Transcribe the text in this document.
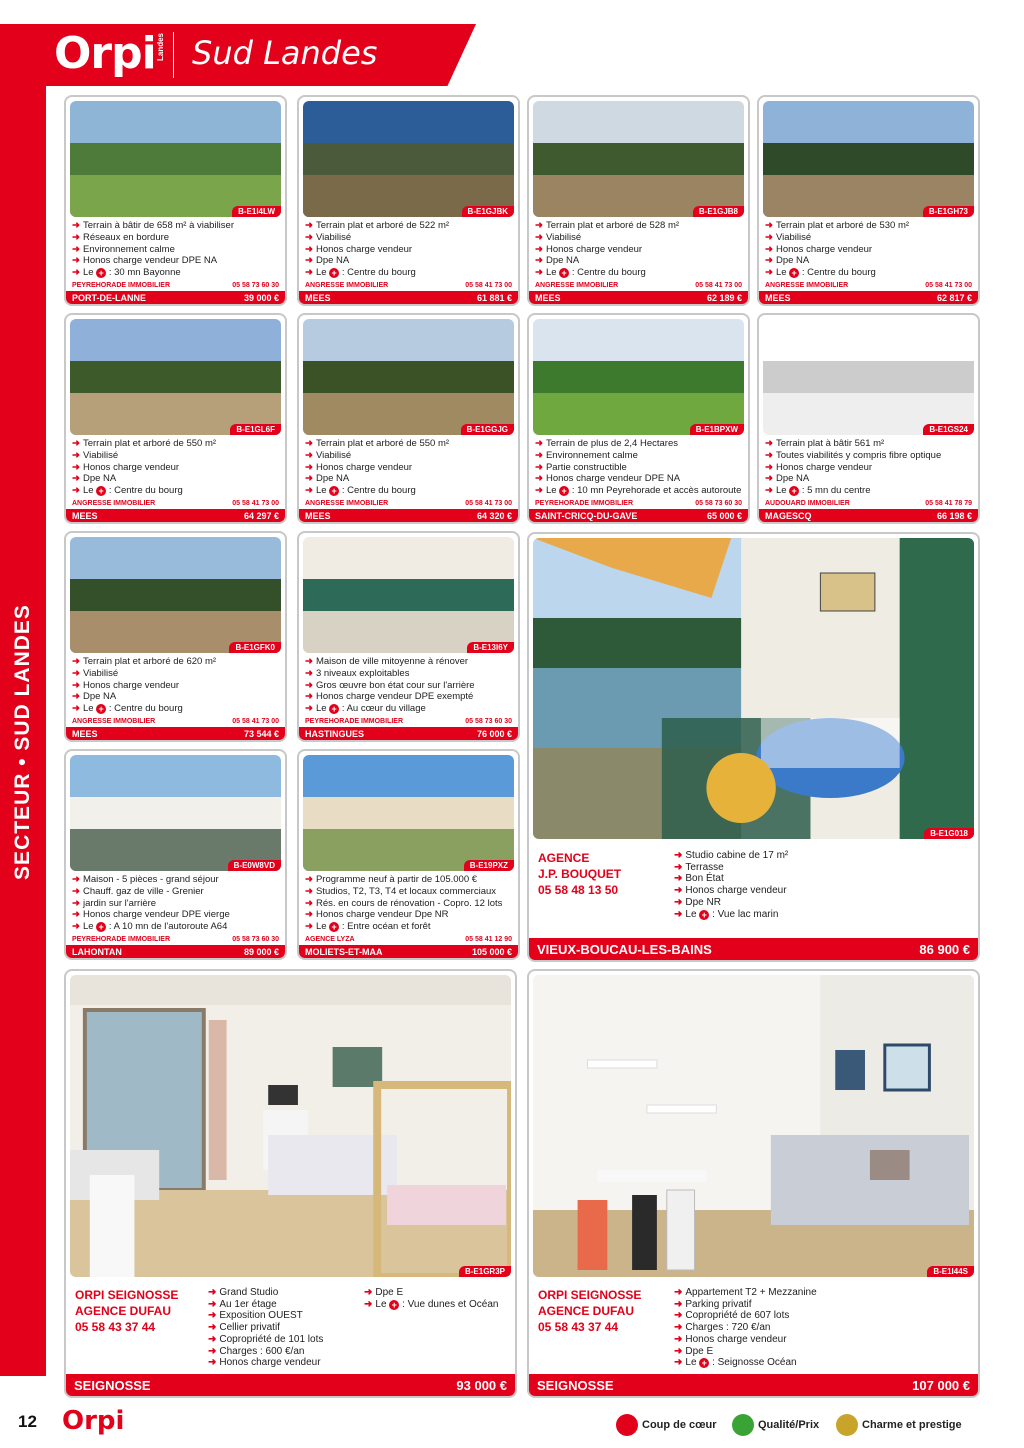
Orpi Landes Sud Landes
SECTEUR • SUD LANDES
B-E1I4LW
➜ Terrain à bâtir de 658 m² à viabiliser
➜ Réseaux en bordure
➜ Environnement calme
➜ Honos charge vendeur DPE NA
➜ Le + : 30 mn Bayonne
PEYREHORADE IMMOBILIER	05 58 73 60 30
PORT-DE-LANNE	39 000 €
B-E1GJBK
➜ Terrain plat et arboré de 522 m²
➜ Viabilisé
➜ Honos charge vendeur
➜ Dpe NA
➜ Le + : Centre du bourg
ANGRESSE IMMOBILIER	05 58 41 73 00
MEES	61 881 €
B-E1GJB8
➜ Terrain plat et arboré de 528 m²
➜ Viabilisé
➜ Honos charge vendeur
➜ Dpe NA
➜ Le + : Centre du bourg
ANGRESSE IMMOBILIER	05 58 41 73 00
MEES	62 189 €
B-E1GH73
➜ Terrain plat et arboré de 530 m²
➜ Viabilisé
➜ Honos charge vendeur
➜ Dpe NA
➜ Le + : Centre du bourg
ANGRESSE IMMOBILIER	05 58 41 73 00
MEES	62 817 €
B-E1GL6F
➜ Terrain plat et arboré de 550 m²
➜ Viabilisé
➜ Honos charge vendeur
➜ Dpe NA
➜ Le + : Centre du bourg
ANGRESSE IMMOBILIER	05 58 41 73 00
MEES	64 297 €
B-E1GGJG
➜ Terrain plat et arboré de 550 m²
➜ Viabilisé
➜ Honos charge vendeur
➜ Dpe NA
➜ Le + : Centre du bourg
ANGRESSE IMMOBILIER	05 58 41 73 00
MEES	64 320 €
B-E1BPXW
➜ Terrain de plus de 2,4 Hectares
➜ Environnement calme
➜ Partie constructible
➜ Honos charge vendeur DPE NA
➜ Le + : 10 mn Peyrehorade et accès autoroute
PEYREHORADE IMMOBILIER	05 58 73 60 30
SAINT-CRICQ-DU-GAVE	65 000 €
B-E1GS24
➜ Terrain plat à bâtir 561 m²
➜ Toutes viabilités y compris fibre optique
➜ Honos charge vendeur
➜ Dpe NA
➜ Le + : 5 mn du centre
AUDOUARD IMMOBILIER	05 58 41 78 79
MAGESCQ	66 198 €
B-E1GFK0
➜ Terrain plat et arboré de 620 m²
➜ Viabilisé
➜ Honos charge vendeur
➜ Dpe NA
➜ Le + : Centre du bourg
ANGRESSE IMMOBILIER	05 58 41 73 00
MEES	73 544 €
B-E13I6Y
➜ Maison de ville mitoyenne à rénover
➜ 3 niveaux exploitables
➜ Gros œuvre bon état cour sur l'arrière
➜ Honos charge vendeur DPE exempté
➜ Le + : Au cœur du village
PEYREHORADE IMMOBILIER	05 58 73 60 30
HASTINGUES	76 000 €
B-E0W8VD
➜ Maison - 5 pièces - grand séjour
➜ Chauff. gaz de ville - Grenier
➜ jardin sur l'arrière
➜ Honos charge vendeur DPE vierge
➜ Le + : A 10 mn de l'autoroute A64
PEYREHORADE IMMOBILIER	05 58 73 60 30
LAHONTAN	89 000 €
B-E19PXZ
➜ Programme neuf à partir de 105.000 €
➜ Studios, T2, T3, T4 et locaux commerciaux
➜ Rés. en cours de rénovation - Copro. 12 lots
➜ Honos charge vendeur Dpe NR
➜ Le + : Entre océan et forêt
AGENCE LYZA	05 58 41 12 90
MOLIETS-ET-MAA	105 000 €
B-E1G018
AGENCE
J.P. BOUQUET
05 58 48 13 50
➜ Studio cabine de 17 m²
➜ Terrasse
➜ Bon État
➜ Honos charge vendeur
➜ Dpe NR
➜ Le + : Vue lac marin
VIEUX-BOUCAU-LES-BAINS	86 900 €
B-E1GR3P
ORPI SEIGNOSSE
AGENCE DUFAU
05 58 43 37 44
➜ Grand Studio
➜ Au 1er étage
➜ Exposition OUEST
➜ Cellier privatif
➜ Copropriété de 101 lots
➜ Charges : 600 €/an
➜ Honos charge vendeur
➜ Dpe E
➜ Le + : Vue dunes et Océan
SEIGNOSSE	93 000 €
B-E1I44S
ORPI SEIGNOSSE
AGENCE DUFAU
05 58 43 37 44
➜ Appartement T2 + Mezzanine
➜ Parking privatif
➜ Copropriété de 607 lots
➜ Charges : 720 €/an
➜ Honos charge vendeur
➜ Dpe E
➜ Le + : Seignosse Océan
SEIGNOSSE	107 000 €
12 Orpi	Coup de cœur	Qualité/Prix	Charme et prestige
